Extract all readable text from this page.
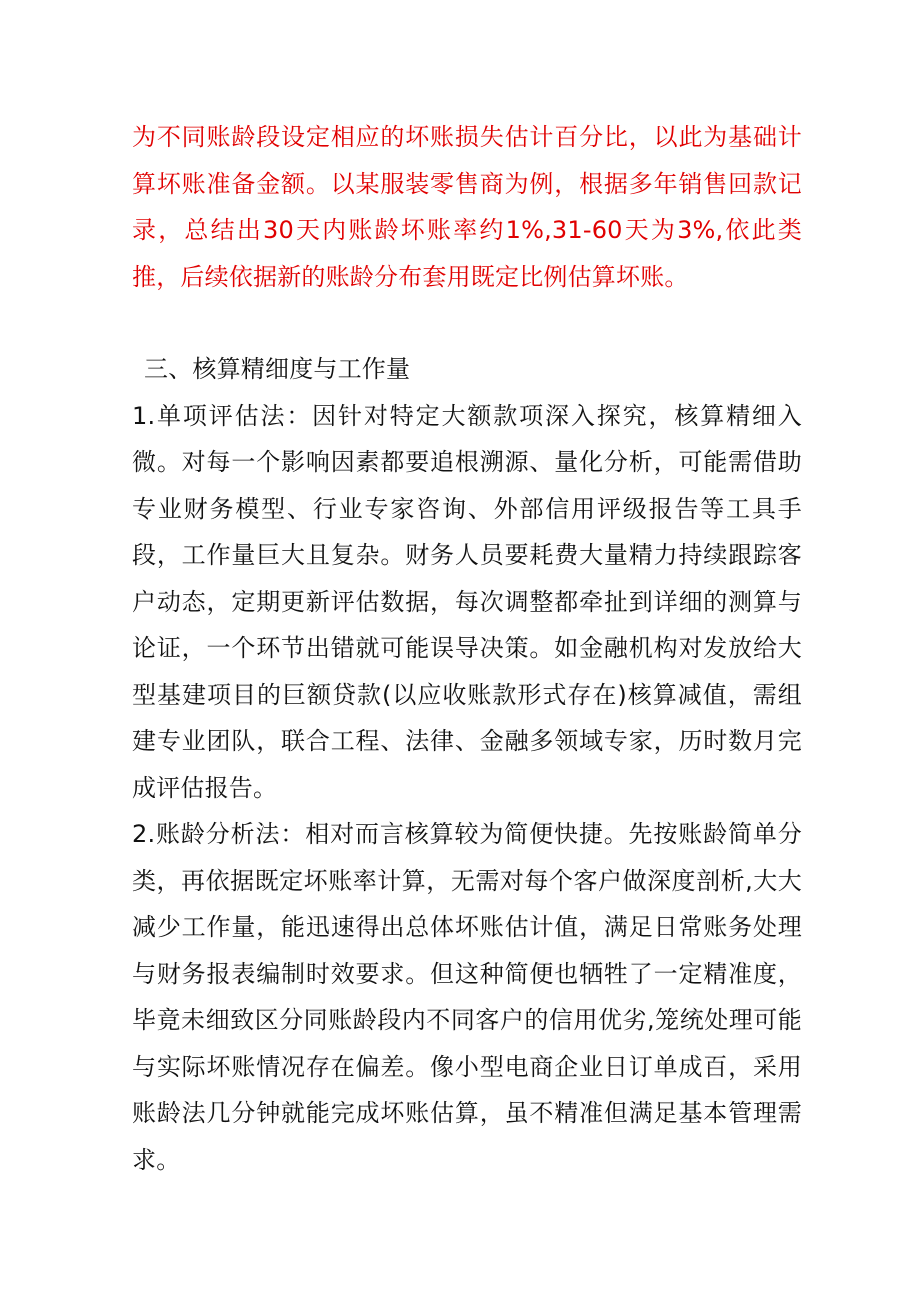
为不同账龄段设定相应的坏账损失估计百分比，以此为基础计算坏账准备金额。以某服装零售商为例，根据多年销售回款记录，总结出30天内账龄坏账率约1%,31-60天为3%,依此类推，后续依据新的账龄分布套用既定比例估算坏账。

三、核算精细度与工作量

1.单项评估法：因针对特定大额款项深入探究，核算精细入微。对每一个影响因素都要追根溯源、量化分析，可能需借助专业财务模型、行业专家咨询、外部信用评级报告等工具手段，工作量巨大且复杂。财务人员要耗费大量精力持续跟踪客户动态，定期更新评估数据，每次调整都牵扯到详细的测算与论证，一个环节出错就可能误导决策。如金融机构对发放给大型基建项目的巨额贷款(以应收账款形式存在)核算减值，需组建专业团队，联合工程、法律、金融多领域专家，历时数月完成评估报告。

2.账龄分析法：相对而言核算较为简便快捷。先按账龄简单分类，再依据既定坏账率计算，无需对每个客户做深度剖析,大大减少工作量，能迅速得出总体坏账估计值，满足日常账务处理与财务报表编制时效要求。但这种简便也牺牲了一定精准度，毕竟未细致区分同账龄段内不同客户的信用优劣,笼统处理可能与实际坏账情况存在偏差。像小型电商企业日订单成百，采用账龄法几分钟就能完成坏账估算，虽不精准但满足基本管理需求。
